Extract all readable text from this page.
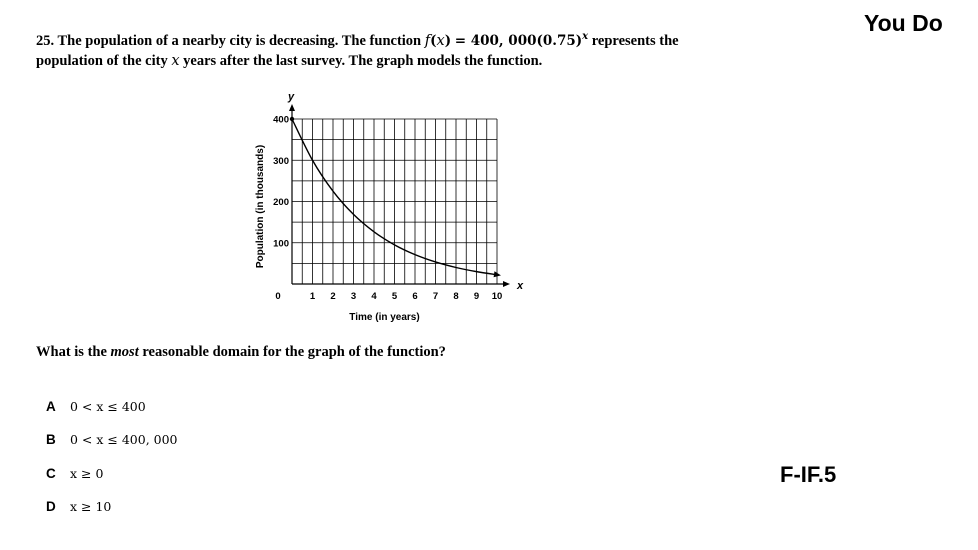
You Do
25. The population of a nearby city is decreasing. The function f(x) = 400, $000(0.75)^x$ represents the
population of the city x years after the last survey. The graph models the function.
x
y
1 2 3 4 5 6 7 8 9 10
100
200
300
400
0
Time (in years)
Population (in thousands)
What is the most reasonable domain for the graph of the function?
A 0 < x ≤ 400
B 0 < x ≤ 400, 000
C x ≥ 0
D x ≥ 10
F-IF.5
